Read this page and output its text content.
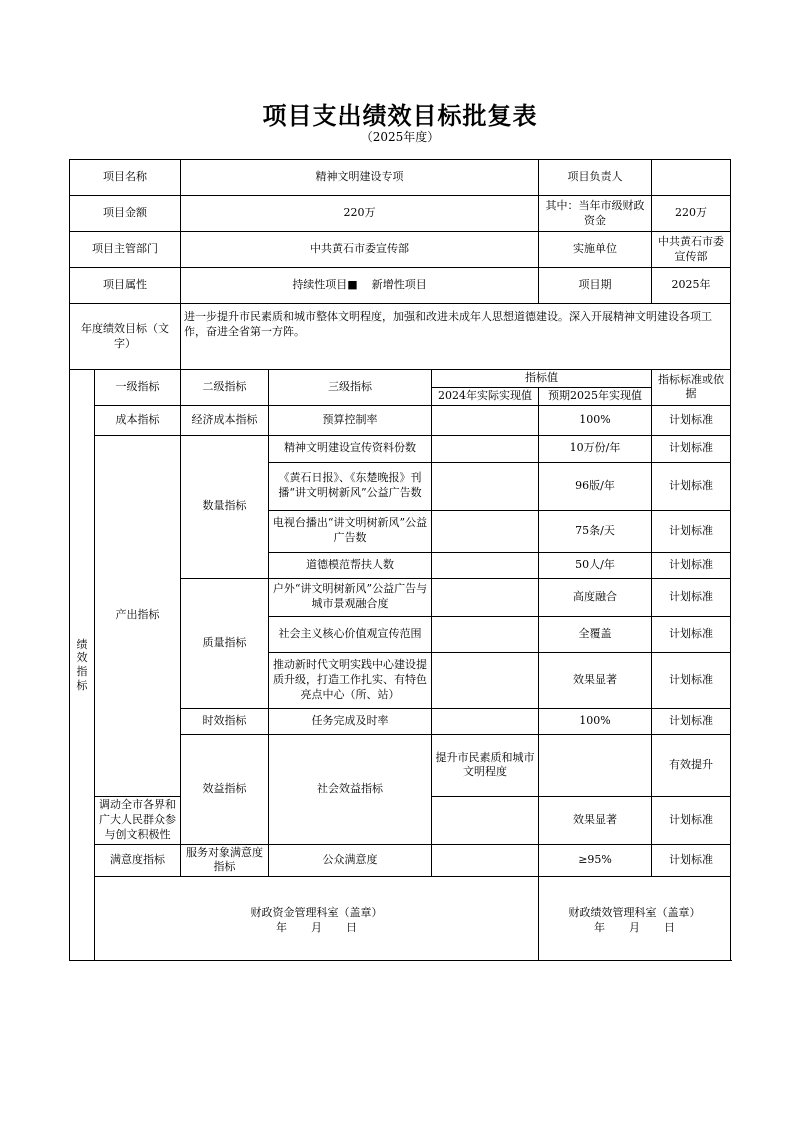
项目支出绩效目标批复表
（2025年度）
项目名称		精神文明建设专项			项目负责人		
项目金额		220万			其中：当年市级财政资金	220万	
项目主管部门		中共黄石市委宣传部			实施单位	中共黄石市委宣传部	
项目属性		持续性项目■ 新增性项目			项目期	2025年	
年度绩效目标（文字）		进一步提升市民素质和城市整体文明程度，加强和改进未成年人思想道德建设。深入开展精神文明建设各项工作，奋进全省第一方阵。					
绩
效
指
标	一级指标	二级指标	三级指标	指标值		指标标准或依据	
				2024年实际实现值	预期2025年实现值		
	成本指标	经济成本指标	预算控制率		100%	计划标准	
	产出指标	数量指标	精神文明建设宣传资料份数		10万份/年	计划标准	
			《黄石日报》、《东楚晚报》刊播“讲文明树新风”公益广告数		96版/年	计划标准	
			电视台播出“讲文明树新风”公益广告数		75条/天	计划标准	
			道德模范帮扶人数		50人/年	计划标准	
		质量指标	户外“讲文明树新风”公益广告与城市景观融合度		高度融合	计划标准	
			社会主义核心价值观宣传范围		全覆盖	计划标准	
			推动新时代文明实践中心建设提质升级，打造工作扎实、有特色亮点中心（所、站）		效果显著	计划标准	
		时效指标	任务完成及时率		100%	计划标准	
		效益指标	社会效益指标	提升市民素质和城市文明程度		有效提升	
	调动全市各界和广大人民群众参与创文积极性				效果显著	计划标准	
	满意度指标	服务对象满意度指标	公众满意度		≥95%	计划标准	

	财政资金管理科室（盖章）
年 月 日				财政绩效管理科室（盖章）
年 月 日		
